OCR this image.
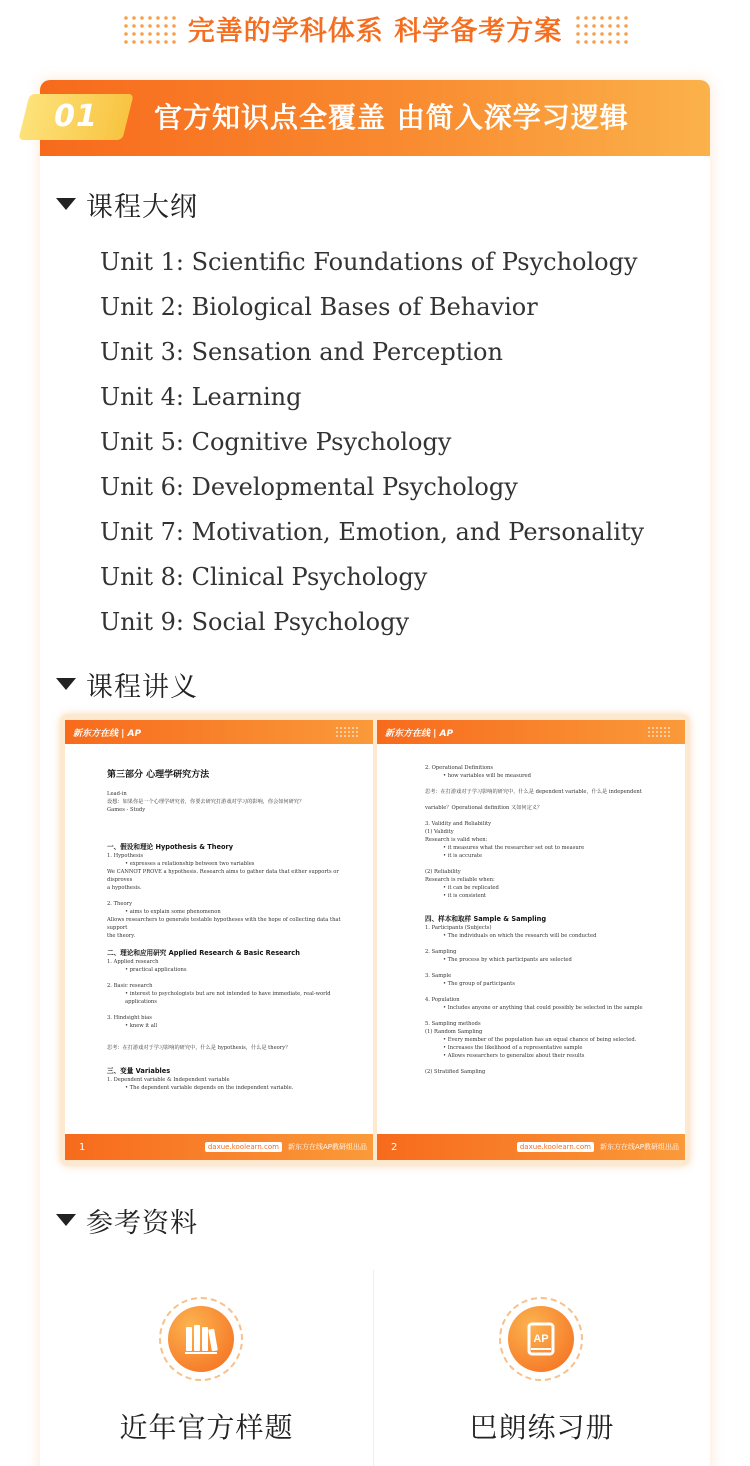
完善的学科体系 科学备考方案
01	官方知识点全覆盖 由简入深学习逻辑
课程大纲
Unit 1: Scientific Foundations of Psychology
Unit 2: Biological Bases of Behavior
Unit 3: Sensation and Perception
Unit 4: Learning
Unit 5: Cognitive Psychology
Unit 6: Developmental Psychology
Unit 7: Motivation, Emotion, and Personality
Unit 8: Clinical Psychology
Unit 9: Social Psychology
课程讲义
新东方在线 | AP
第三部分 心理学研究方法
Lead-in
设想：如果你是一个心理学研究者，你要去研究打游戏对学习的影响，你会如何研究？
Games - Study
一、假设和理论 Hypothesis & Theory
1. Hypothesis
• expresses a relationship between two variables
We CANNOT PROVE a hypothesis. Research aims to gather data that either supports or disproves
a hypothesis.
2. Theory
• aims to explain some phenomenon
Allows researchers to generate testable hypotheses with the hope of collecting data that support
the theory.
二、理论和应用研究 Applied Research & Basic Research
1. Applied research
• practical applications
2. Basic research
• interest to psychologists but are not intended to have immediate, real-world applications
3. Hindsight bias
• knew it all
思考：在打游戏对于学习影响的研究中，什么是 hypothesis，什么是 theory？
三、变量 Variables
1. Dependent variable & Independent variable
• The dependent variable depends on the independent variable.
1	daxue.koolearn.com	新东方在线AP教研组出品
新东方在线 | AP
2. Operational Definitions
• how variables will be measured
思考：在打游戏对于学习影响的研究中，什么是 dependent variable，什么是 independent
variable？Operational definition 又如何定义？
3. Validity and Reliability
(1) Validity
Research is valid when:
• it measures what the researcher set out to measure
• it is accurate
(2) Reliability
Research is reliable when:
• it can be replicated
• it is consistent
四、样本和取样 Sample & Sampling
1. Participants (Subjects)
• The individuals on which the research will be conducted
2. Sampling
• The process by which participants are selected
3. Sample
• The group of participants
4. Population
• Includes anyone or anything that could possibly be selected in the sample
5. Sampling methods
(1) Random Sampling
• Every member of the population has an equal chance of being selected.
• Increases the likelihood of a representative sample
• Allows researchers to generalize about their results
(2) Stratified Sampling
2	daxue.koolearn.com	新东方在线AP教研组出品
参考资料
近年官方样题
AP
巴朗练习册
